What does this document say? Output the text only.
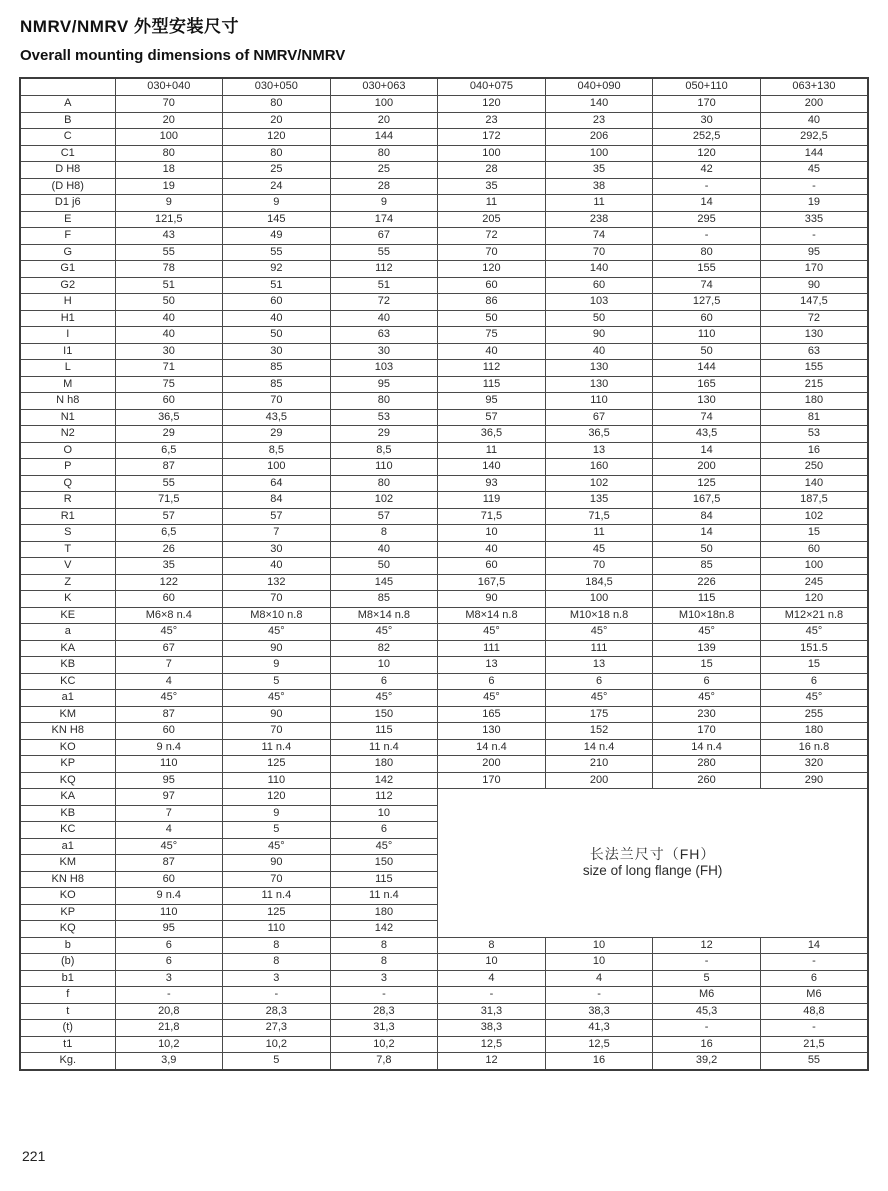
NMRV/NMRV 外型安装尺寸
Overall mounting dimensions of NMRV/NMRV
	030+040	030+050	030+063	040+075	040+090	050+110	063+130
A	70	80	100	120	140	170	200
B	20	20	20	23	23	30	40
C	100	120	144	172	206	252,5	292,5
C1	80	80	80	100	100	120	144
D H8	18	25	25	28	35	42	45
(D H8)	19	24	28	35	38	-	-
D1 j6	9	9	9	11	11	14	19
E	121,5	145	174	205	238	295	335
F	43	49	67	72	74	-	-
G	55	55	55	70	70	80	95
G1	78	92	112	120	140	155	170
G2	51	51	51	60	60	74	90
H	50	60	72	86	103	127,5	147,5
H1	40	40	40	50	50	60	72
I	40	50	63	75	90	110	130
I1	30	30	30	40	40	50	63
L	71	85	103	112	130	144	155
M	75	85	95	115	130	165	215
N h8	60	70	80	95	110	130	180
N1	36,5	43,5	53	57	67	74	81
N2	29	29	29	36,5	36,5	43,5	53
O	6,5	8,5	8,5	11	13	14	16
P	87	100	110	140	160	200	250
Q	55	64	80	93	102	125	140
R	71,5	84	102	119	135	167,5	187,5
R1	57	57	57	71,5	71,5	84	102
S	6,5	7	8	10	11	14	15
T	26	30	40	40	45	50	60
V	35	40	50	60	70	85	100
Z	122	132	145	167,5	184,5	226	245
K	60	70	85	90	100	115	120
KE	M6×8 n.4	M8×10 n.8	M8×14 n.8	M8×14 n.8	M10×18 n.8	M10×18n.8	M12×21 n.8
a	45°	45°	45°	45°	45°	45°	45°
KA	67	90	82	111	111	139	151.5
KB	7	9	10	13	13	15	15
KC	4	5	6	6	6	6	6
a1	45°	45°	45°	45°	45°	45°	45°
KM	87	90	150	165	175	230	255
KN H8	60	70	115	130	152	170	180
KO	9 n.4	11 n.4	11 n.4	14 n.4	14 n.4	14 n.4	16 n.8
KP	110	125	180	200	210	280	320
KQ	95	110	142	170	200	260	290
KA	97	120	112	长法兰尺寸（FH）
size of long flange (FH)			

KB	7	9	10				
KC	4	5	6				
a1	45°	45°	45°				
KM	87	90	150				
KN H8	60	70	115				
KO	9 n.4	11 n.4	11 n.4				
KP	110	125	180				
KQ	95	110	142				
b	6	8	8	8	10	12	14
(b)	6	8	8	10	10	-	-
b1	3	3	3	4	4	5	6
f	-	-	-	-	-	M6	M6
t	20,8	28,3	28,3	31,3	38,3	45,3	48,8
(t)	21,8	27,3	31,3	38,3	41,3	-	-
t1	10,2	10,2	10,2	12,5	12,5	16	21,5
Kg.	3,9	5	7,8	12	16	39,2	55
221
